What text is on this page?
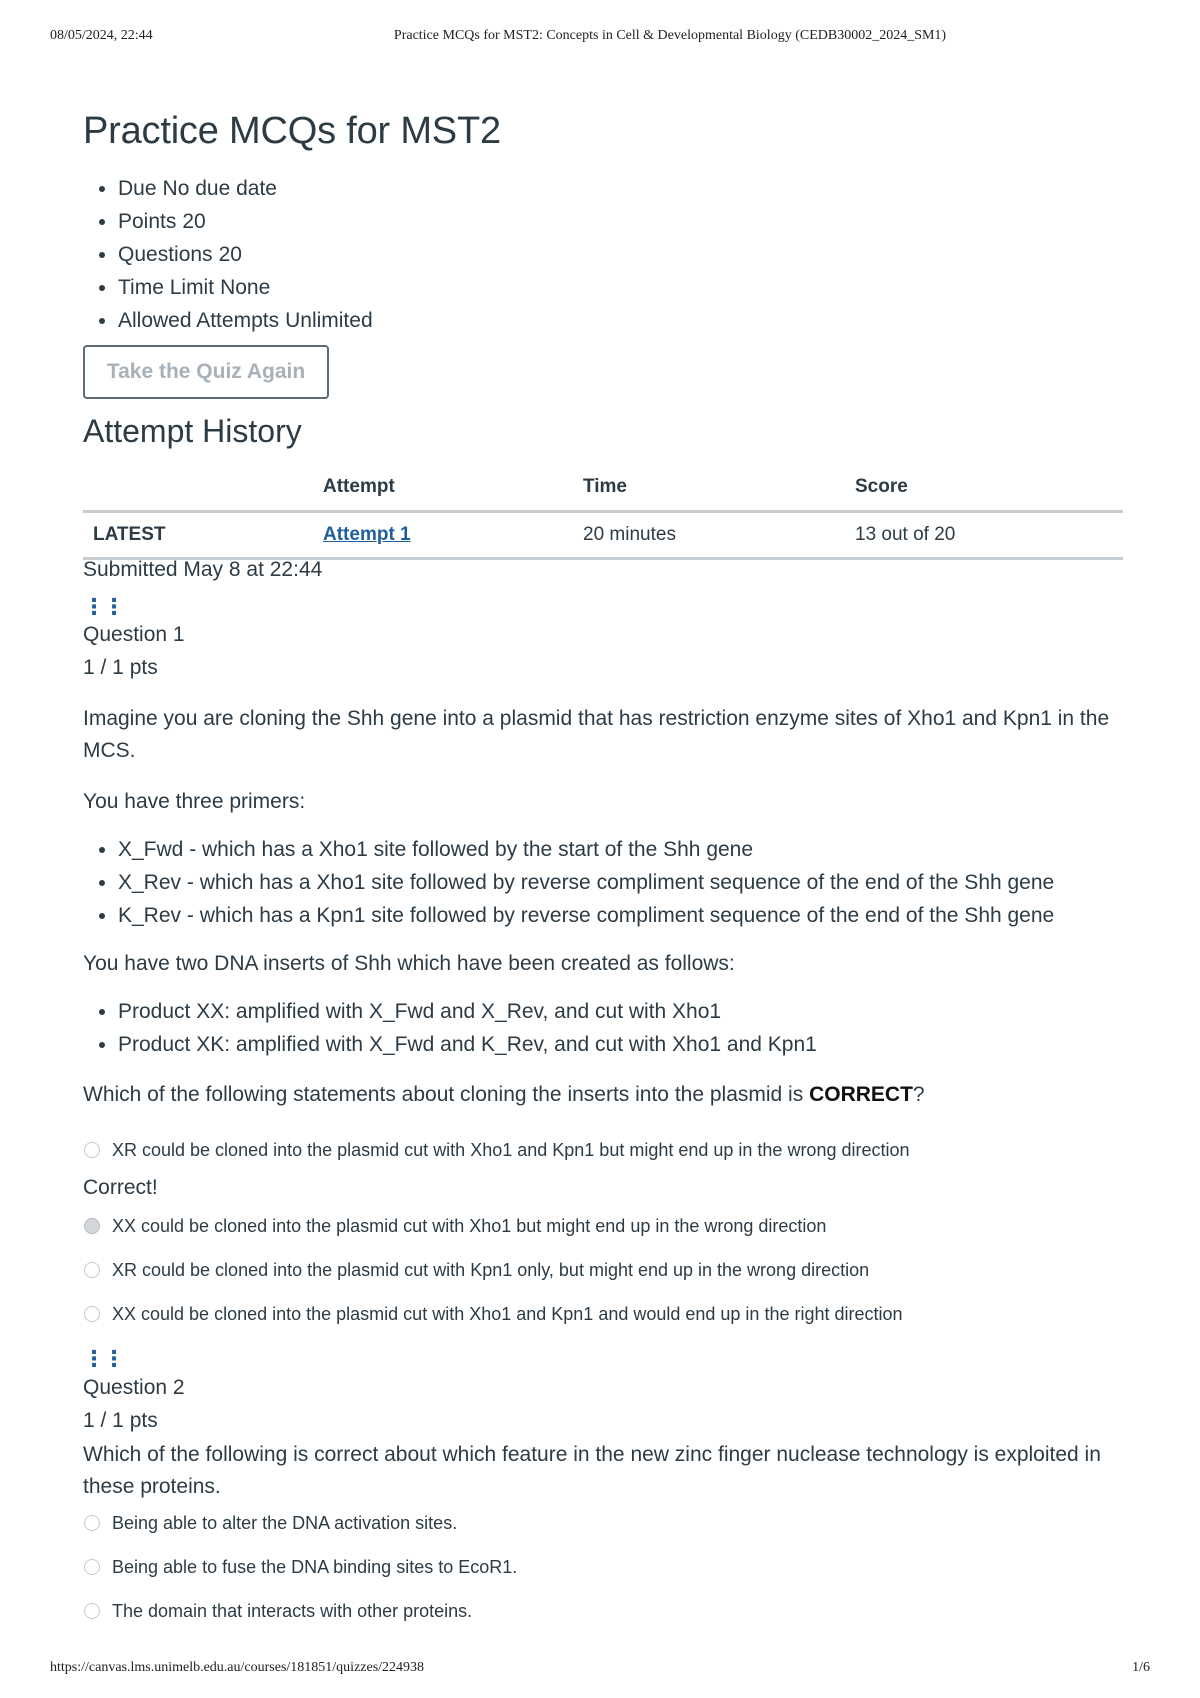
08/05/2024, 22:44	Practice MCQs for MST2: Concepts in Cell & Developmental Biology (CEDB30002_2024_SM1)
Practice MCQs for MST2
• Due No due date
• Points 20
• Questions 20
• Time Limit None
• Allowed Attempts Unlimited
Take the Quiz Again
Attempt History
	Attempt	Time	Score
LATEST	Attempt 1	20 minutes	13 out of 20
Submitted May 8 at 22:44
⋮⋮
Question 1
1 / 1 pts
Imagine you are cloning the Shh gene into a plasmid that has restriction enzyme sites of Xho1 and Kpn1 in the MCS.
You have three primers:
• X_Fwd - which has a Xho1 site followed by the start of the Shh gene
• X_Rev - which has a Xho1 site followed by reverse compliment sequence of the end of the Shh gene
• K_Rev - which has a Kpn1 site followed by reverse compliment sequence of the end of the Shh gene
You have two DNA inserts of Shh which have been created as follows:
• Product XX: amplified with X_Fwd and X_Rev, and cut with Xho1
• Product XK: amplified with X_Fwd and K_Rev, and cut with Xho1 and Kpn1
Which of the following statements about cloning the inserts into the plasmid is CORRECT?
XR could be cloned into the plasmid cut with Xho1 and Kpn1 but might end up in the wrong direction
Correct!
XX could be cloned into the plasmid cut with Xho1 but might end up in the wrong direction
XR could be cloned into the plasmid cut with Kpn1 only, but might end up in the wrong direction
XX could be cloned into the plasmid cut with Xho1 and Kpn1 and would end up in the right direction
⋮⋮
Question 2
1 / 1 pts
Which of the following is correct about which feature in the new zinc finger nuclease technology is exploited in these proteins.
Being able to alter the DNA activation sites.
Being able to fuse the DNA binding sites to EcoR1.
The domain that interacts with other proteins.
https://canvas.lms.unimelb.edu.au/courses/181851/quizzes/224938	1/6
